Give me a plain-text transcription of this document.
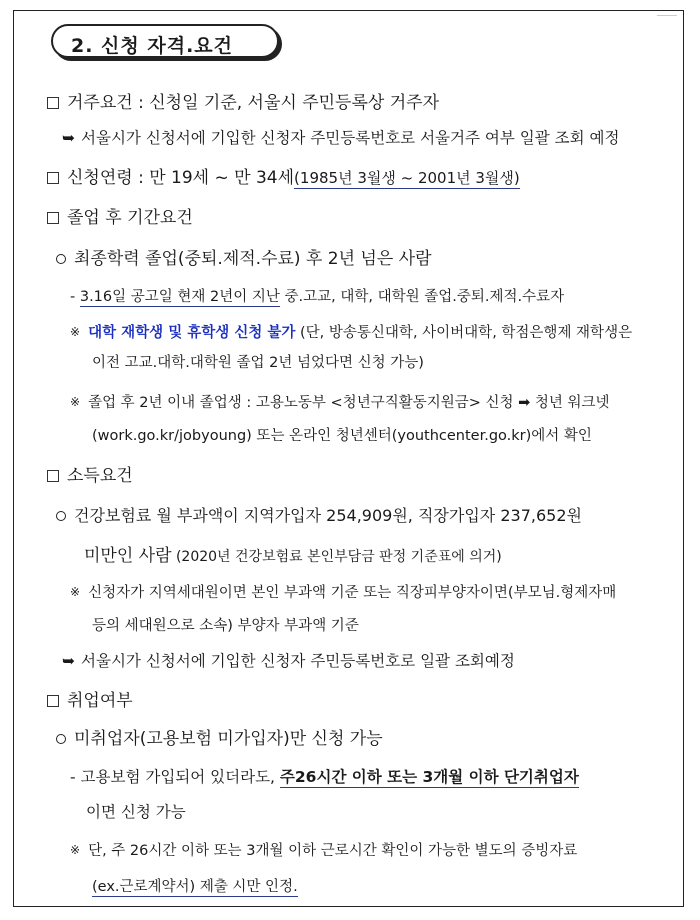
2. 신청 자격.요건
거주요건 : 신청일 기준, 서울시 주민등록상 거주자
➥ 서울시가 신청서에 기입한 신청자 주민등록번호로 서울거주 여부 일괄 조회 예정
신청연령 : 만 19세 ~ 만 34세(1985년 3월생 ~ 2001년 3월생)
졸업 후 기간요건
최종학력 졸업(중퇴.제적.수료) 후 2년 넘은 사람
- 3.16일 공고일 현재 2년이 지난 중.고교, 대학, 대학원 졸업.중퇴.제적.수료자
※ 대학 재학생 및 휴학생 신청 불가 (단, 방송통신대학, 사이버대학, 학점은행제 재학생은
이전 고교.대학.대학원 졸업 2년 넘었다면 신청 가능)
※ 졸업 후 2년 이내 졸업생 : 고용노동부 <청년구직활동지원금> 신청 ➡ 청년 워크넷
(work.go.kr/jobyoung) 또는 온라인 청년센터(youthcenter.go.kr)에서 확인
소득요건
건강보험료 월 부과액이 지역가입자 254,909원, 직장가입자 237,652원
미만인 사람 (2020년 건강보험료 본인부담금 판정 기준표에 의거)
※ 신청자가 지역세대원이면 본인 부과액 기준 또는 직장피부양자이면(부모님.형제자매
등의 세대원으로 소속) 부양자 부과액 기준
➥ 서울시가 신청서에 기입한 신청자 주민등록번호로 일괄 조회예정
취업여부
미취업자(고용보험 미가입자)만 신청 가능
- 고용보험 가입되어 있더라도, 주26시간 이하 또는 3개월 이하 단기취업자
이면 신청 가능
※ 단, 주 26시간 이하 또는 3개월 이하 근로시간 확인이 가능한 별도의 증빙자료
(ex.근로계약서) 제출 시만 인정.
